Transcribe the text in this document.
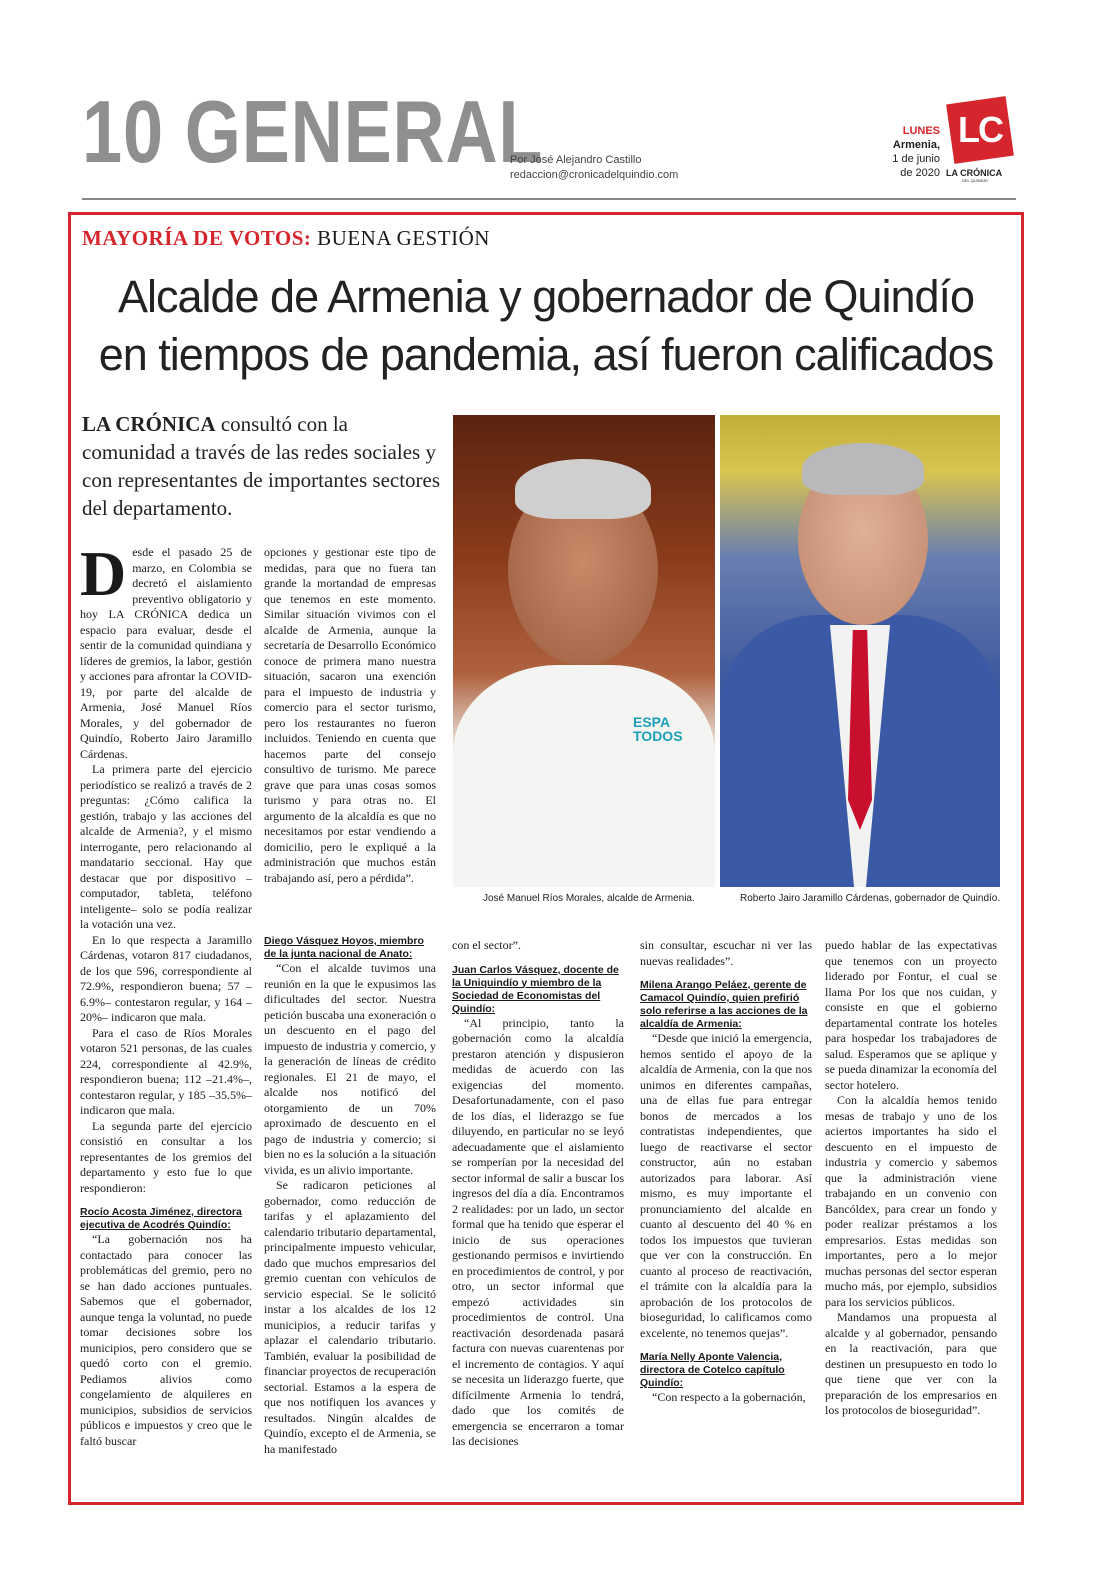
10 GENERAL
Por José Alejandro Castillo
redaccion@cronicadelquindio.com
LUNES
Armenia,
1 de junio
de 2020
LC
LA CRÓNICA
DEL QUINDÍO
MAYORÍA DE VOTOS: BUENA GESTIÓN
Alcalde de Armenia y gobernador de Quindío
en tiempos de pandemia, así fueron calificados
LA CRÓNICA consultó con la comunidad a través de las redes sociales y con representantes de importantes sectores del departamento.
ESPA TODOS
José Manuel Ríos Morales, alcalde de Armenia.	Roberto Jairo Jaramillo Cárdenas, gobernador de Quindío.

Desde el pasado 25 de marzo, en Colombia se decretó el aislamiento preventivo obligatorio y hoy LA CRÓNICA dedica un espacio para evaluar, desde el sentir de la comunidad quindiana y líderes de gremios, la labor, gestión y acciones para afrontar la COVID-19, por parte del alcalde de Armenia, José Manuel Ríos Morales, y del gobernador de Quindío, Roberto Jairo Jaramillo Cárdenas.

La primera parte del ejercicio periodístico se realizó a través de 2 preguntas: ¿Cómo califica la gestión, trabajo y las acciones del alcalde de Armenia?, y el mismo interrogante, pero relacionando al mandatario seccional. Hay que destacar que por dispositivo –computador, tableta, teléfono inteligente– solo se podía realizar la votación una vez.

En lo que respecta a Jaramillo Cárdenas, votaron 817 ciudadanos, de los que 596, correspondiente al 72.9%, respondieron buena; 57 –6.9%– contestaron regular, y 164 –20%– indicaron que mala.

Para el caso de Ríos Morales votaron 521 personas, de las cuales 224, correspondiente al 42.9%, respondieron buena; 112 –21.4%–, contestaron regular, y 185 –35.5%– indicaron que mala.

La segunda parte del ejercicio consistió en consultar a los representantes de los gremios del departamento y esto fue lo que respondieron:

Rocío Acosta Jiménez, directora ejecutiva de Acodrés Quindío:

“La gobernación nos ha contactado para conocer las problemáticas del gremio, pero no se han dado acciones puntuales. Sabemos que el gobernador, aunque tenga la voluntad, no puede tomar decisiones sobre los municipios, pero considero que se quedó corto con el gremio. Pediamos alivios como congelamiento de alquileres en municipios, subsidios de servicios públicos e impuestos y creo que le faltó buscar

opciones y gestionar este tipo de medidas, para que no fuera tan grande la mortandad de empresas que tenemos en este momento. Similar situación vivimos con el alcalde de Armenia, aunque la secretaría de Desarrollo Económico conoce de primera mano nuestra situación, sacaron una exención para el impuesto de industria y comercio para el sector turismo, pero los restaurantes no fueron incluidos. Teniendo en cuenta que hacemos parte del consejo consultivo de turismo. Me parece grave que para unas cosas somos turismo y para otras no. El argumento de la alcaldía es que no necesitamos por estar vendiendo a domicilio, pero le expliqué a la administración que muchos están trabajando así, pero a pérdida”.

Diego Vásquez Hoyos, miembro de la junta nacional de Anato:

“Con el alcalde tuvimos una reunión en la que le expusimos las dificultades del sector. Nuestra petición buscaba una exoneración o un descuento en el pago del impuesto de industria y comercio, y la generación de líneas de crédito regionales. El 21 de mayo, el alcalde nos notificó del otorgamiento de un 70% aproximado de descuento en el pago de industria y comercio; si bien no es la solución a la situación vivida, es un alivio importante.

Se radicaron peticiones al gobernador, como reducción de tarifas y el aplazamiento del calendario tributario departamental, principalmente impuesto vehicular, dado que muchos empresarios del gremio cuentan con vehículos de servicio especial. Se le solicitó instar a los alcaldes de los 12 municipios, a reducir tarifas y aplazar el calendario tributario. También, evaluar la posibilidad de financiar proyectos de recuperación sectorial. Estamos a la espera de que nos notifiquen los avances y resultados. Ningún alcaldes de Quindío, excepto el de Armenia, se ha manifestado

con el sector”.

Juan Carlos Vásquez, docente de la Uniquindío y miembro de la Sociedad de Economistas del Quindío:

“Al principio, tanto la gobernación como la alcaldía prestaron atención y dispusieron medidas de acuerdo con las exigencias del momento. Desafortunadamente, con el paso de los días, el liderazgo se fue diluyendo, en particular no se leyó adecuadamente que el aislamiento se romperían por la necesidad del sector informal de salir a buscar los ingresos del día a día. Encontramos 2 realidades: por un lado, un sector formal que ha tenido que esperar el inicio de sus operaciones gestionando permisos e invirtiendo en procedimientos de control, y por otro, un sector informal que empezó actividades sin procedimientos de control. Una reactivación desordenada pasará factura con nuevas cuarentenas por el incremento de contagios. Y aquí se necesita un liderazgo fuerte, que difícilmente Armenia lo tendrá, dado que los comités de emergencia se encerraron a tomar las decisiones

sin consultar, escuchar ni ver las nuevas realidades”.

Milena Arango Peláez, gerente de Camacol Quindío, quien prefirió solo referirse a las acciones de la alcaldía de Armenia:

“Desde que inició la emergencia, hemos sentido el apoyo de la alcaldía de Armenia, con la que nos unimos en diferentes campañas, una de ellas fue para entregar bonos de mercados a los contratistas independientes, que luego de reactivarse el sector constructor, aún no estaban autorizados para laborar. Así mismo, es muy importante el pronunciamiento del alcalde en cuanto al descuento del 40 % en todos los impuestos que tuvieran que ver con la construcción. En cuanto al proceso de reactivación, el trámite con la alcaldía para la aprobación de los protocolos de bioseguridad, lo calificamos como excelente, no tenemos quejas”.

María Nelly Aponte Valencia, directora de Cotelco capítulo Quindío:

“Con respecto a la gobernación,

puedo hablar de las expectativas que tenemos con un proyecto liderado por Fontur, el cual se llama Por los que nos cuidan, y consiste en que el gobierno departamental contrate los hoteles para hospedar los trabajadores de salud. Esperamos que se aplique y se pueda dinamizar la economía del sector hotelero.

Con la alcaldía hemos tenido mesas de trabajo y uno de los aciertos importantes ha sido el descuento en el impuesto de industria y comercio y sabemos que la administración viene trabajando en un convenio con Bancóldex, para crear un fondo y poder realizar préstamos a los empresarios. Estas medidas son importantes, pero a lo mejor muchas personas del sector esperan mucho más, por ejemplo, subsidios para los servicios públicos.

Mandamos una propuesta al alcalde y al gobernador, pensando en la reactivación, para que destinen un presupuesto en todo lo que tiene que ver con la preparación de los empresarios en los protocolos de bioseguridad”.
